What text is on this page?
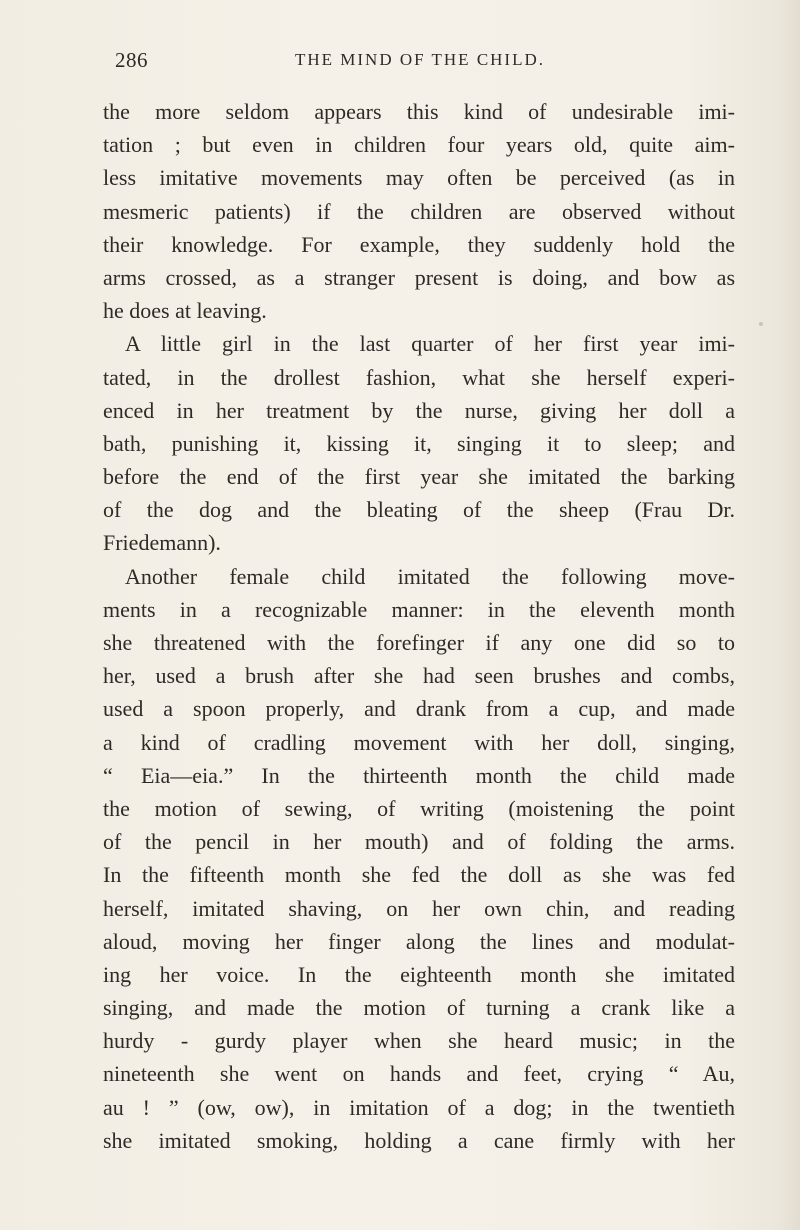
286	THE MIND OF THE CHILD.
the more seldom appears this kind of undesirable imi-
tation ; but even in children four years old, quite aim-
less imitative movements may often be perceived (as in
mesmeric patients) if the children are observed without
their knowledge. For example, they suddenly hold the
arms crossed, as a stranger present is doing, and bow as
he does at leaving.
A little girl in the last quarter of her first year imi-
tated, in the drollest fashion, what she herself experi-
enced in her treatment by the nurse, giving her doll a
bath, punishing it, kissing it, singing it to sleep; and
before the end of the first year she imitated the barking
of the dog and the bleating of the sheep (Frau Dr.
Friedemann).
Another female child imitated the following move-
ments in a recognizable manner: in the eleventh month
she threatened with the forefinger if any one did so to
her, used a brush after she had seen brushes and combs,
used a spoon properly, and drank from a cup, and made
a kind of cradling movement with her doll, singing,
“ Eia—eia.” In the thirteenth month the child made
the motion of sewing, of writing (moistening the point
of the pencil in her mouth) and of folding the arms.
In the fifteenth month she fed the doll as she was fed
herself, imitated shaving, on her own chin, and reading
aloud, moving her finger along the lines and modulat-
ing her voice. In the eighteenth month she imitated
singing, and made the motion of turning a crank like a
hurdy - gurdy player when she heard music; in the
nineteenth she went on hands and feet, crying “ Au,
au ! ” (ow, ow), in imitation of a dog; in the twentieth
she imitated smoking, holding a cane firmly with her
